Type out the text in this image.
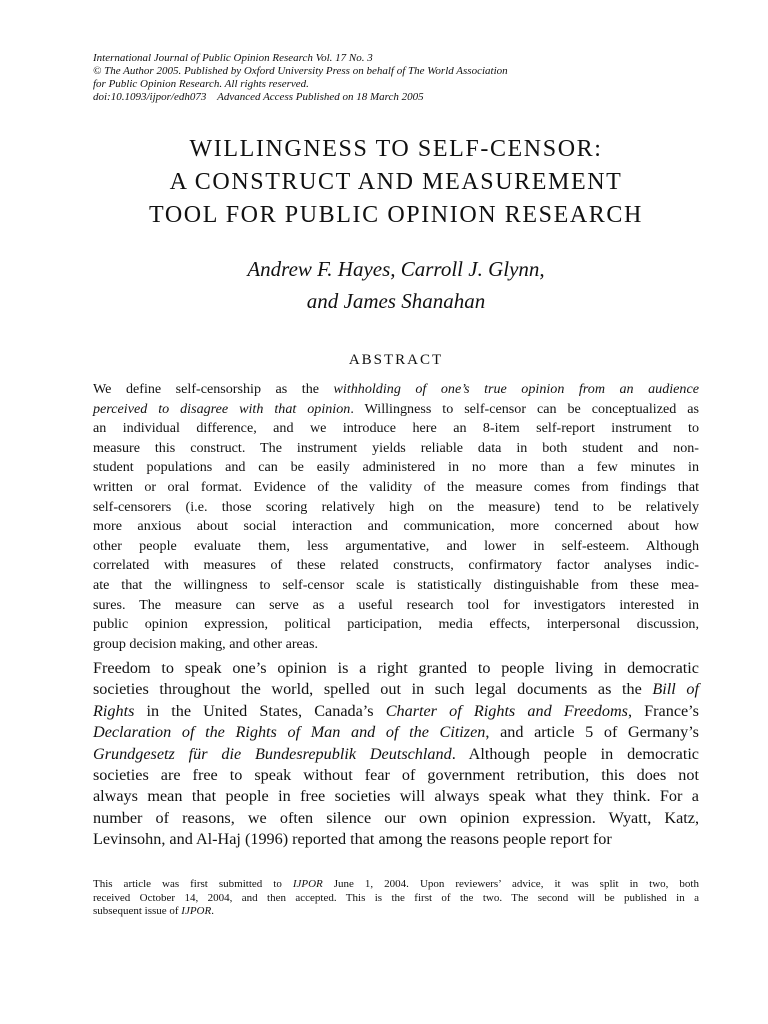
International Journal of Public Opinion Research Vol. 17 No. 3
© The Author 2005. Published by Oxford University Press on behalf of The World Association
for Public Opinion Research. All rights reserved.
doi:10.1093/ijpor/edh073    Advanced Access Published on 18 March 2005
WILLINGNESS TO SELF-CENSOR:
A CONSTRUCT AND MEASUREMENT
TOOL FOR PUBLIC OPINION RESEARCH
Andrew F. Hayes, Carroll J. Glynn,
and James Shanahan
ABSTRACT
We define self-censorship as the withholding of one’s true opinion from an audience
perceived to disagree with that opinion. Willingness to self-censor can be conceptualized as
an individual difference, and we introduce here an 8-item self-report instrument to
measure this construct. The instrument yields reliable data in both student and non-
student populations and can be easily administered in no more than a few minutes in
written or oral format. Evidence of the validity of the measure comes from findings that
self-censorers (i.e. those scoring relatively high on the measure) tend to be relatively
more anxious about social interaction and communication, more concerned about how
other people evaluate them, less argumentative, and lower in self-esteem. Although
correlated with measures of these related constructs, confirmatory factor analyses indic-
ate that the willingness to self-censor scale is statistically distinguishable from these mea-
sures. The measure can serve as a useful research tool for investigators interested in
public opinion expression, political participation, media effects, interpersonal discussion,
group decision making, and other areas.
Freedom to speak one’s opinion is a right granted to people living in democratic
societies throughout the world, spelled out in such legal documents as the Bill of
Rights in the United States, Canada’s Charter of Rights and Freedoms, France’s
Declaration of the Rights of Man and of the Citizen, and article 5 of Germany’s
Grundgesetz für die Bundesrepublik Deutschland. Although people in democratic
societies are free to speak without fear of government retribution, this does not
always mean that people in free societies will always speak what they think. For a
number of reasons, we often silence our own opinion expression. Wyatt, Katz,
Levinsohn, and Al-Haj (1996) reported that among the reasons people report for
This article was first submitted to IJPOR June 1, 2004. Upon reviewers’ advice, it was split in two, both
received October 14, 2004, and then accepted. This is the first of the two. The second will be published in a
subsequent issue of IJPOR.
